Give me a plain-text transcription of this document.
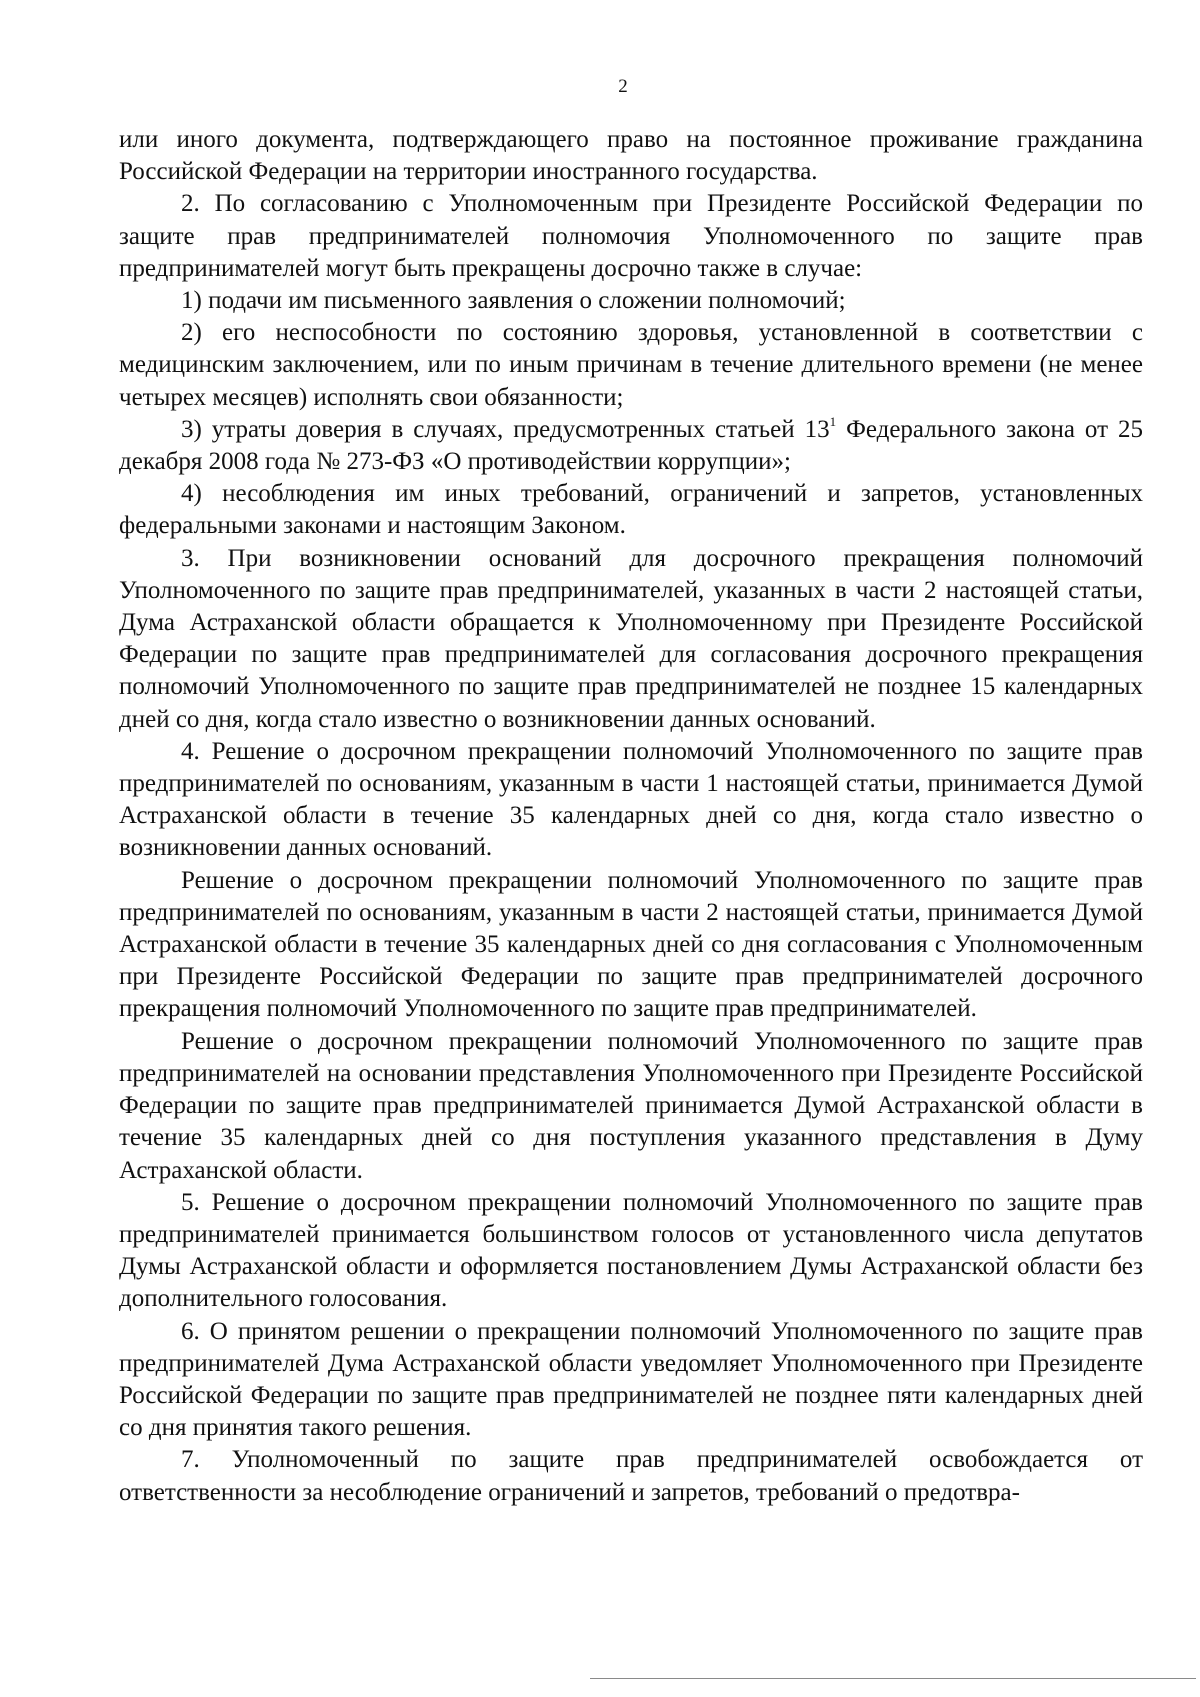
2

или иного документа, подтверждающего право на постоянное проживание гражданина Российской Федерации на территории иностранного государства.

2. По согласованию с Уполномоченным при Президенте Российской Федерации по защите прав предпринимателей полномочия Уполномоченного по защите прав предпринимателей могут быть прекращены досрочно также в случае:

1) подачи им письменного заявления о сложении полномочий;

2) его неспособности по состоянию здоровья, установленной в соответствии с медицинским заключением, или по иным причинам в течение длительного времени (не менее четырех месяцев) исполнять свои обязанности;

3) утраты доверия в случаях, предусмотренных статьей $13^1$ Федерального закона от 25 декабря 2008 года № 273-ФЗ «О противодействии коррупции»;

4) несоблюдения им иных требований, ограничений и запретов, установленных федеральными законами и настоящим Законом.

3. При возникновении оснований для досрочного прекращения полномочий Уполномоченного по защите прав предпринимателей, указанных в части 2 настоящей статьи, Дума Астраханской области обращается к Уполномоченному при Президенте Российской Федерации по защите прав предпринимателей для согласования досрочного прекращения полномочий Уполномоченного по защите прав предпринимателей не позднее 15 календарных дней со дня, когда стало известно о возникновении данных оснований.

4. Решение о досрочном прекращении полномочий Уполномоченного по защите прав предпринимателей по основаниям, указанным в части 1 настоящей статьи, принимается Думой Астраханской области в течение 35 календарных дней со дня, когда стало известно о возникновении данных оснований.

Решение о досрочном прекращении полномочий Уполномоченного по защите прав предпринимателей по основаниям, указанным в части 2 настоящей статьи, принимается Думой Астраханской области в течение 35 календарных дней со дня согласования с Уполномоченным при Президенте Российской Федерации по защите прав предпринимателей досрочного прекращения полномочий Уполномоченного по защите прав предпринимателей.

Решение о досрочном прекращении полномочий Уполномоченного по защите прав предпринимателей на основании представления Уполномоченного при Президенте Российской Федерации по защите прав предпринимателей принимается Думой Астраханской области в течение 35 календарных дней со дня поступления указанного представления в Думу Астраханской области.

5. Решение о досрочном прекращении полномочий Уполномоченного по защите прав предпринимателей принимается большинством голосов от установленного числа депутатов Думы Астраханской области и оформляется постановлением Думы Астраханской области без дополнительного голосования.

6. О принятом решении о прекращении полномочий Уполномоченного по защите прав предпринимателей Дума Астраханской области уведомляет Уполномоченного при Президенте Российской Федерации по защите прав предпринимателей не позднее пяти календарных дней со дня принятия такого решения.

7. Уполномоченный по защите прав предпринимателей освобождается от ответственности за несоблюдение ограничений и запретов, требований о предотвра-
